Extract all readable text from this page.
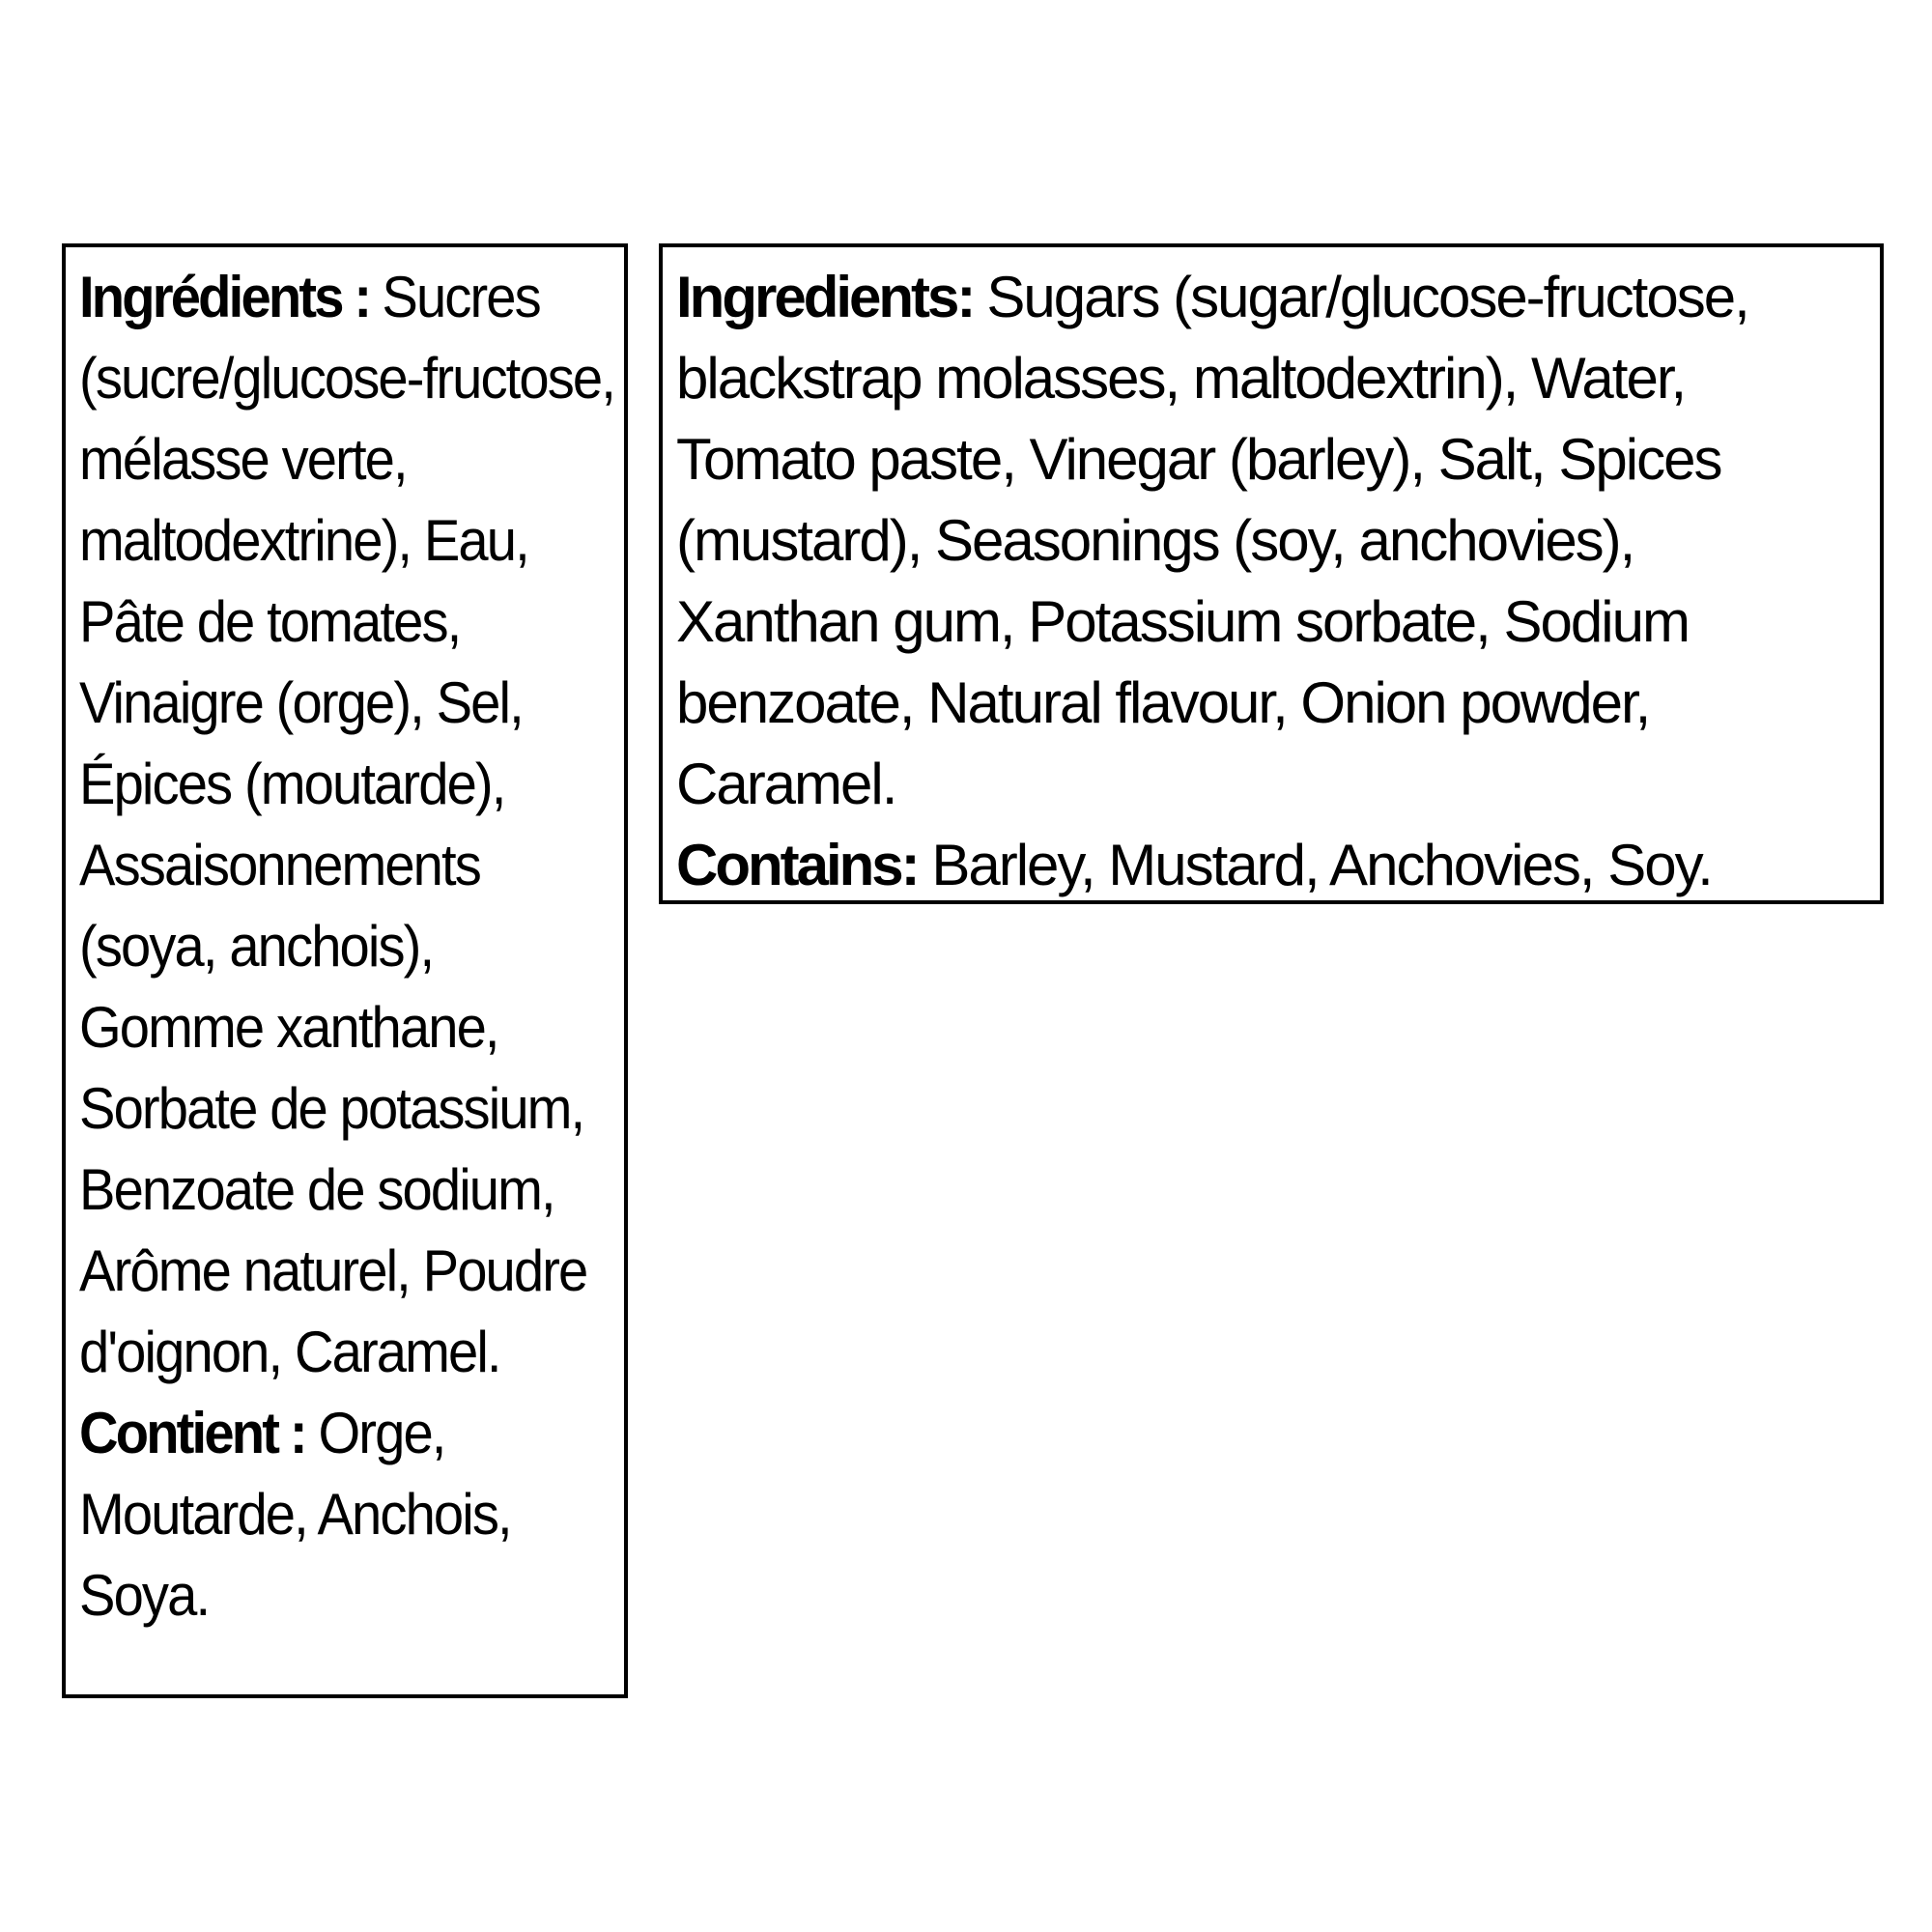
Ingrédients : Sucres
(sucre/glucose-fructose,
mélasse verte,
maltodextrine), Eau,
Pâte de tomates,
Vinaigre (orge), Sel,
Épices (moutarde),
Assaisonnements
(soya, anchois),
Gomme xanthane,
Sorbate de potassium,
Benzoate de sodium,
Arôme naturel, Poudre
d'oignon, Caramel.
Contient : Orge,
Moutarde, Anchois,
Soya.

Ingredients: Sugars (sugar/glucose-fructose,
blackstrap molasses, maltodextrin), Water,
Tomato paste, Vinegar (barley), Salt, Spices
(mustard), Seasonings (soy, anchovies),
Xanthan gum, Potassium sorbate, Sodium
benzoate, Natural flavour, Onion powder,
Caramel.
Contains: Barley, Mustard, Anchovies, Soy.
